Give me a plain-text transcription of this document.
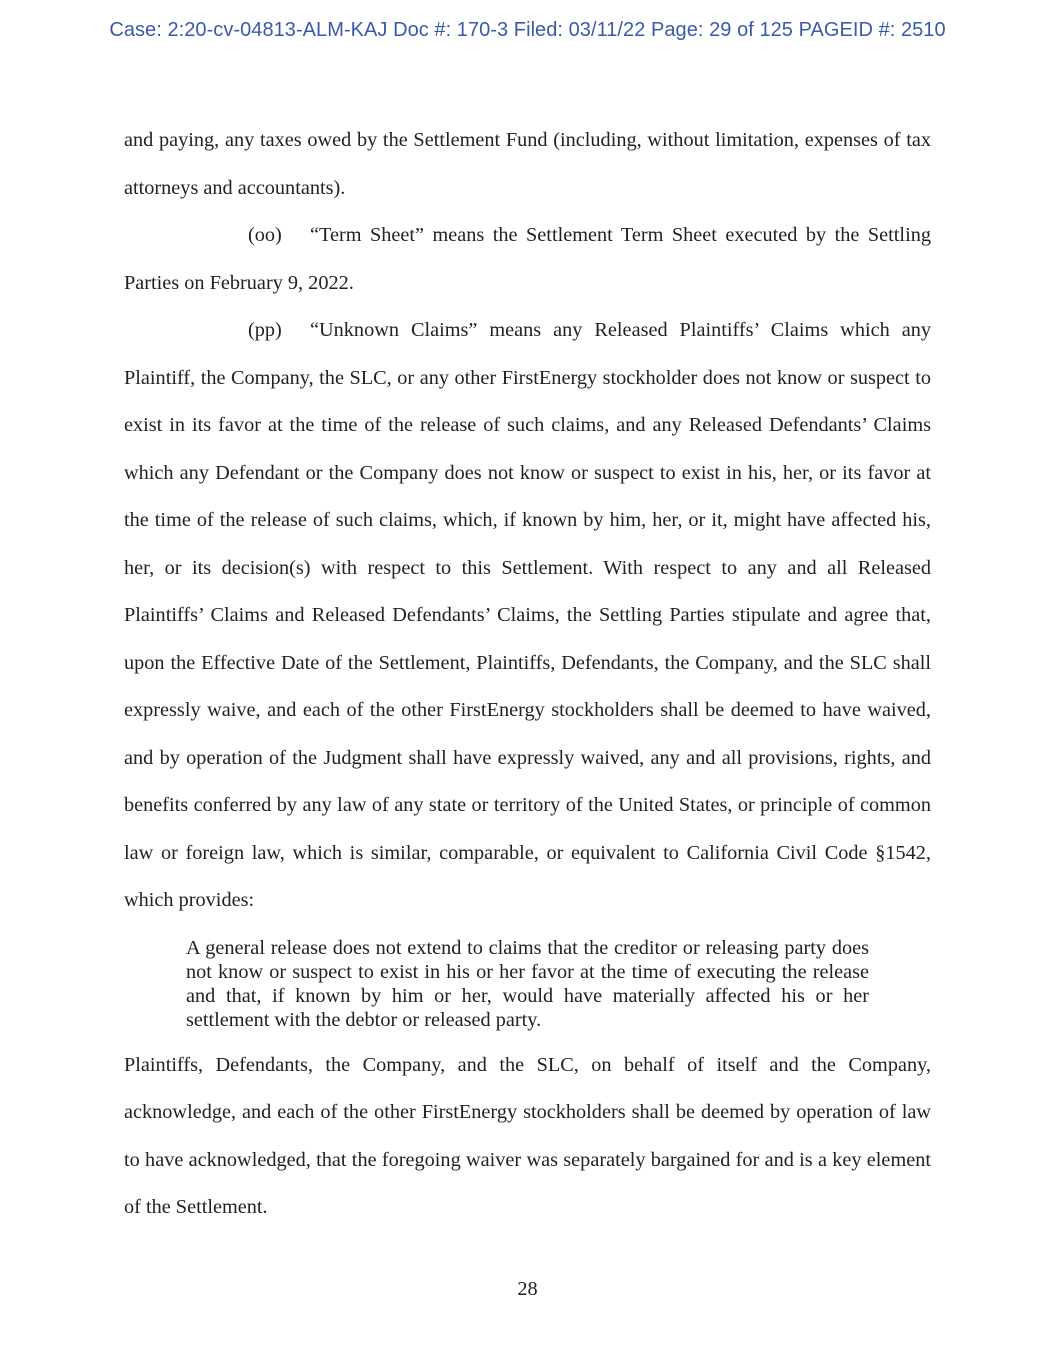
Case: 2:20-cv-04813-ALM-KAJ Doc #: 170-3 Filed: 03/11/22 Page: 29 of 125 PAGEID #: 2510

and paying, any taxes owed by the Settlement Fund (including, without limitation, expenses of tax attorneys and accountants).

(oo) “Term Sheet” means the Settlement Term Sheet executed by the Settling Parties on February 9, 2022.

(pp) “Unknown Claims” means any Released Plaintiffs’ Claims which any Plaintiff, the Company, the SLC, or any other FirstEnergy stockholder does not know or suspect to exist in its favor at the time of the release of such claims, and any Released Defendants’ Claims which any Defendant or the Company does not know or suspect to exist in his, her, or its favor at the time of the release of such claims, which, if known by him, her, or it, might have affected his, her, or its decision(s) with respect to this Settlement. With respect to any and all Released Plaintiffs’ Claims and Released Defendants’ Claims, the Settling Parties stipulate and agree that, upon the Effective Date of the Settlement, Plaintiffs, Defendants, the Company, and the SLC shall expressly waive, and each of the other FirstEnergy stockholders shall be deemed to have waived, and by operation of the Judgment shall have expressly waived, any and all provisions, rights, and benefits conferred by any law of any state or territory of the United States, or principle of common law or foreign law, which is similar, comparable, or equivalent to California Civil Code §1542, which provides:

A general release does not extend to claims that the creditor or releasing party does not know or suspect to exist in his or her favor at the time of executing the release and that, if known by him or her, would have materially affected his or her settlement with the debtor or released party.

Plaintiffs, Defendants, the Company, and the SLC, on behalf of itself and the Company, acknowledge, and each of the other FirstEnergy stockholders shall be deemed by operation of law to have acknowledged, that the foregoing waiver was separately bargained for and is a key element of the Settlement.

28
